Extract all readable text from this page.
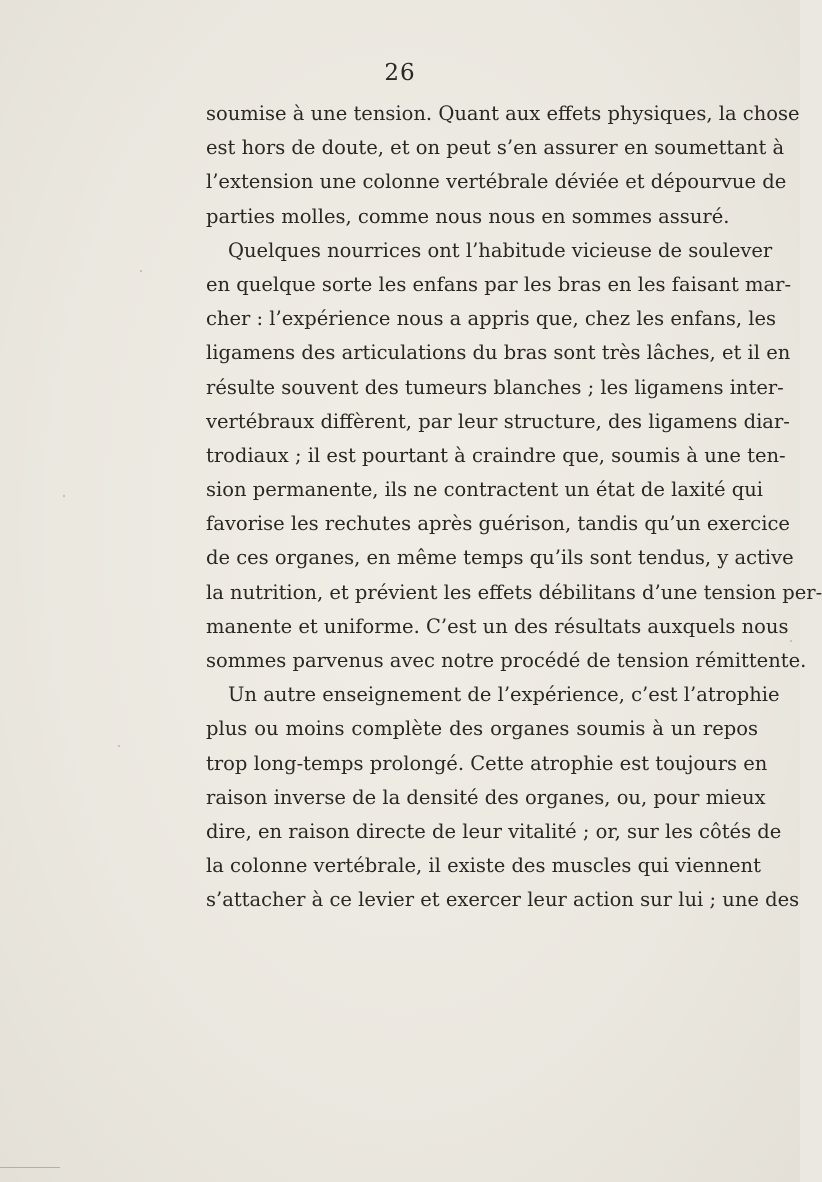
26
soumise à une tension. Quant aux effets physiques, la chose
est hors de doute, et on peut s’en assurer en soumettant à
l’extension une colonne vertébrale déviée et dépourvue de
parties molles, comme nous nous en sommes assuré.
Quelques nourrices ont l’habitude vicieuse de soulever
en quelque sorte les enfans par les bras en les faisant mar-
cher : l’expérience nous a appris que, chez les enfans, les
ligamens des articulations du bras sont très lâches, et il en
résulte souvent des tumeurs blanches ; les ligamens inter-
vertébraux diffèrent, par leur structure, des ligamens diar-
trodiaux ; il est pourtant à craindre que, soumis à une ten-
sion permanente, ils ne contractent un état de laxité qui
favorise les rechutes après guérison, tandis qu’un exercice
de ces organes, en même temps qu’ils sont tendus, y active
la nutrition, et prévient les effets débilitans d’une tension per-
manente et uniforme. C’est un des résultats auxquels nous
sommes parvenus avec notre procédé de tension rémittente.
Un autre enseignement de l’expérience, c’est l’atrophie
plus ou moins complète des organes soumis à un repos
trop long-temps prolongé. Cette atrophie est toujours en
raison inverse de la densité des organes, ou, pour mieux
dire, en raison directe de leur vitalité ; or, sur les côtés de
la colonne vertébrale, il existe des muscles qui viennent
s’attacher à ce levier et exercer leur action sur lui ; une des
